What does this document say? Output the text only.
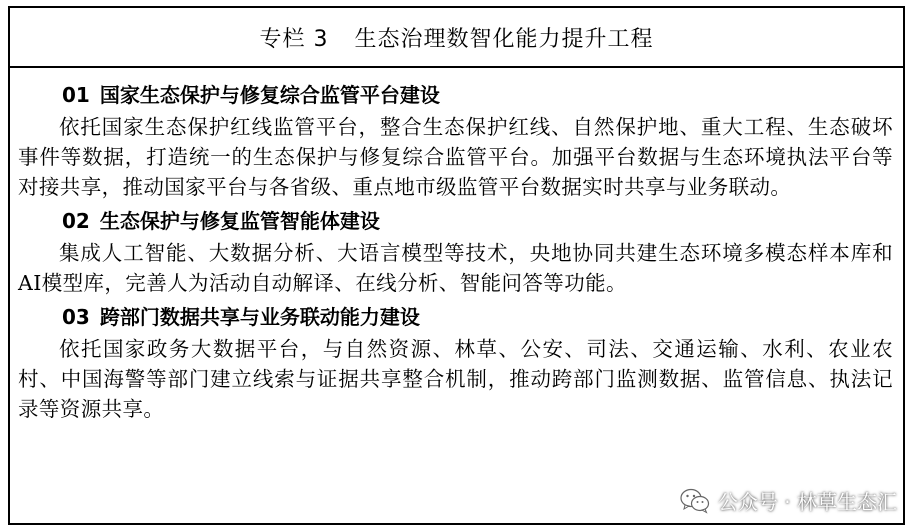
专栏 3 生态治理数智化能力提升工程
01 国家生态保护与修复综合监管平台建设

依托国家生态保护红线监管平台，整合生态保护红线、自然保护地、重大工程、生态破坏事件等数据，打造统一的生态保护与修复综合监管平台。加强平台数据与生态环境执法平台等对接共享，推动国家平台与各省级、重点地市级监管平台数据实时共享与业务联动。

02 生态保护与修复监管智能体建设

集成人工智能、大数据分析、大语言模型等技术，央地协同共建生态环境多模态样本库和AI模型库，完善人为活动自动解译、在线分析、智能问答等功能。

03 跨部门数据共享与业务联动能力建设

依托国家政务大数据平台，与自然资源、林草、公安、司法、交通运输、水利、农业农村、中国海警等部门建立线索与证据共享整合机制，推动跨部门监测数据、监管信息、执法记录等资源共享。

公众号 · 林草生态汇
